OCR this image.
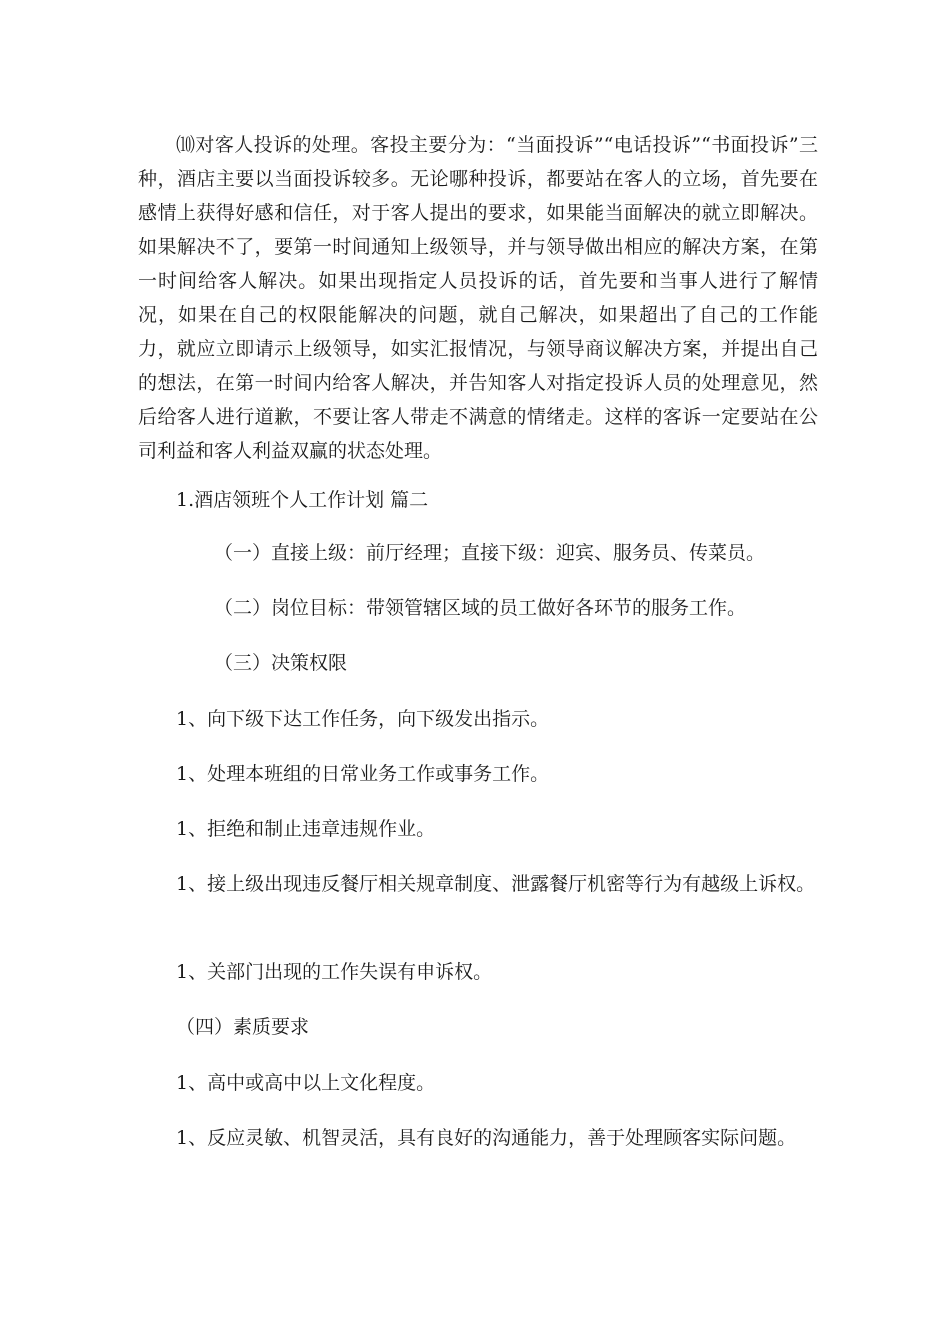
⑽对客人投诉的处理。客投主要分为：“当面投诉”“电话投诉”“书面投诉”三种，酒店主要以当面投诉较多。无论哪种投诉，都要站在客人的立场，首先要在感情上获得好感和信任，对于客人提出的要求，如果能当面解决的就立即解决。如果解决不了，要第一时间通知上级领导，并与领导做出相应的解决方案，在第一时间给客人解决。如果出现指定人员投诉的话，首先要和当事人进行了解情况，如果在自己的权限能解决的问题，就自己解决，如果超出了自己的工作能力，就应立即请示上级领导，如实汇报情况，与领导商议解决方案，并提出自己的想法，在第一时间内给客人解决，并告知客人对指定投诉人员的处理意见，然后给客人进行道歉，不要让客人带走不满意的情绪走。这样的客诉一定要站在公司利益和客人利益双赢的状态处理。

1.酒店领班个人工作计划 篇二

（一）直接上级：前厅经理；直接下级：迎宾、服务员、传菜员。

（二）岗位目标：带领管辖区域的员工做好各环节的服务工作。

（三）决策权限

1、向下级下达工作任务，向下级发出指示。

1、处理本班组的日常业务工作或事务工作。

1、拒绝和制止违章违规作业。

1、接上级出现违反餐厅相关规章制度、泄露餐厅机密等行为有越级上诉权。

1、关部门出现的工作失误有申诉权。

（四）素质要求

1、高中或高中以上文化程度。

1、反应灵敏、机智灵活，具有良好的沟通能力，善于处理顾客实际问题。
